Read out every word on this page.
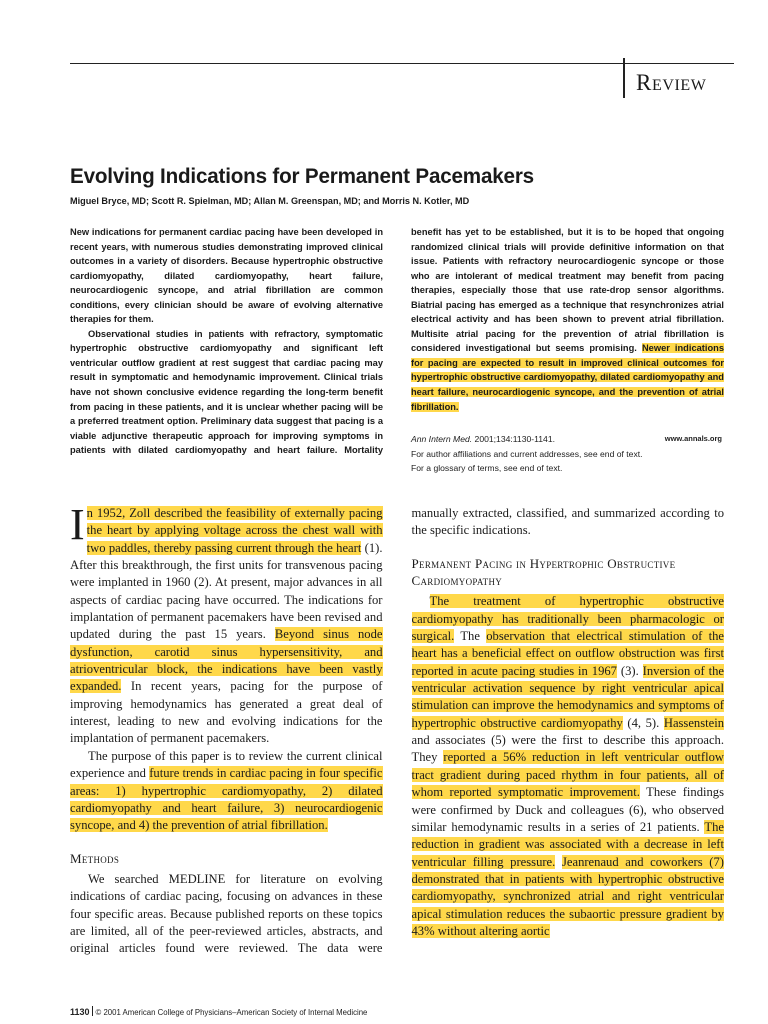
Review
Evolving Indications for Permanent Pacemakers

Miguel Bryce, MD; Scott R. Spielman, MD; Allan M. Greenspan, MD; and Morris N. Kotler, MD

New indications for permanent cardiac pacing have been developed in recent years, with numerous studies demonstrating improved clinical outcomes in a variety of disorders. Because hypertrophic obstructive cardiomyopathy, dilated cardiomyopathy, heart failure, neurocardiogenic syncope, and atrial fibrillation are common conditions, every clinician should be aware of evolving alternative therapies for them.

Observational studies in patients with refractory, symptomatic hypertrophic obstructive cardiomyopathy and significant left ventricular outflow gradient at rest suggest that cardiac pacing may result in symptomatic and hemodynamic improvement. Clinical trials have not shown conclusive evidence regarding the long-term benefit from pacing in these patients, and it is unclear whether pacing will be a preferred treatment option. Preliminary data suggest that pacing is a viable adjunctive therapeutic approach for improving symptoms in patients with dilated cardiomyopathy and heart failure. Mortality benefit has yet to be established, but it is to be hoped that ongoing randomized clinical trials will provide definitive information on that issue. Patients with refractory neurocardiogenic syncope or those who are intolerant of medical treatment may benefit from pacing therapies, especially those that use rate-drop sensor algorithms. Biatrial pacing has emerged as a technique that resynchronizes atrial electrical activity and has been shown to prevent atrial fibrillation. Multisite atrial pacing for the prevention of atrial fibrillation is considered investigational but seems promising. Newer indications for pacing are expected to result in improved clinical outcomes for hypertrophic obstructive cardiomyopathy, dilated cardiomyopathy and heart failure, neurocardiogenic syncope, and the prevention of atrial fibrillation.

Ann Intern Med. 2001;134:1130-1141.	www.annals.org
For author affiliations and current addresses, see end of text.
For a glossary of terms, see end of text.

In 1952, Zoll described the feasibility of externally pacing the heart by applying voltage across the chest wall with two paddles, thereby passing current through the heart (1). After this breakthrough, the first units for transvenous pacing were implanted in 1960 (2). At present, major advances in all aspects of cardiac pacing have occurred. The indications for implantation of permanent pacemakers have been revised and updated during the past 15 years. Beyond sinus node dysfunction, carotid sinus hypersensitivity, and atrioventricular block, the indications have been vastly expanded. In recent years, pacing for the purpose of improving hemodynamics has generated a great deal of interest, leading to new and evolving indications for the implantation of permanent pacemakers.

The purpose of this paper is to review the current clinical experience and future trends in cardiac pacing in four specific areas: 1) hypertrophic cardiomyopathy, 2) dilated cardiomyopathy and heart failure, 3) neurocardiogenic syncope, and 4) the prevention of atrial fibrillation.

Methods

We searched MEDLINE for literature on evolving indications of cardiac pacing, focusing on advances in these four specific areas. Because published reports on these topics are limited, all of the peer-reviewed articles, abstracts, and original articles found were reviewed. The data were manually extracted, classified, and summarized according to the specific indications.

Permanent Pacing in Hypertrophic Obstructive Cardiomyopathy

The treatment of hypertrophic obstructive cardiomyopathy has traditionally been pharmacologic or surgical. The observation that electrical stimulation of the heart has a beneficial effect on outflow obstruction was first reported in acute pacing studies in 1967 (3). Inversion of the ventricular activation sequence by right ventricular apical stimulation can improve the hemodynamics and symptoms of hypertrophic obstructive cardiomyopathy (4, 5). Hassenstein and associates (5) were the first to describe this approach. They reported a 56% reduction in left ventricular outflow tract gradient during paced rhythm in four patients, all of whom reported symptomatic improvement. These findings were confirmed by Duck and colleagues (6), who observed similar hemodynamic results in a series of 21 patients. The reduction in gradient was associated with a decrease in left ventricular filling pressure. Jeanrenaud and coworkers (7) demonstrated that in patients with hypertrophic obstructive cardiomyopathy, synchronized atrial and right ventricular apical stimulation reduces the subaortic pressure gradient by 43% without altering aortic

1130 © 2001 American College of Physicians–American Society of Internal Medicine
